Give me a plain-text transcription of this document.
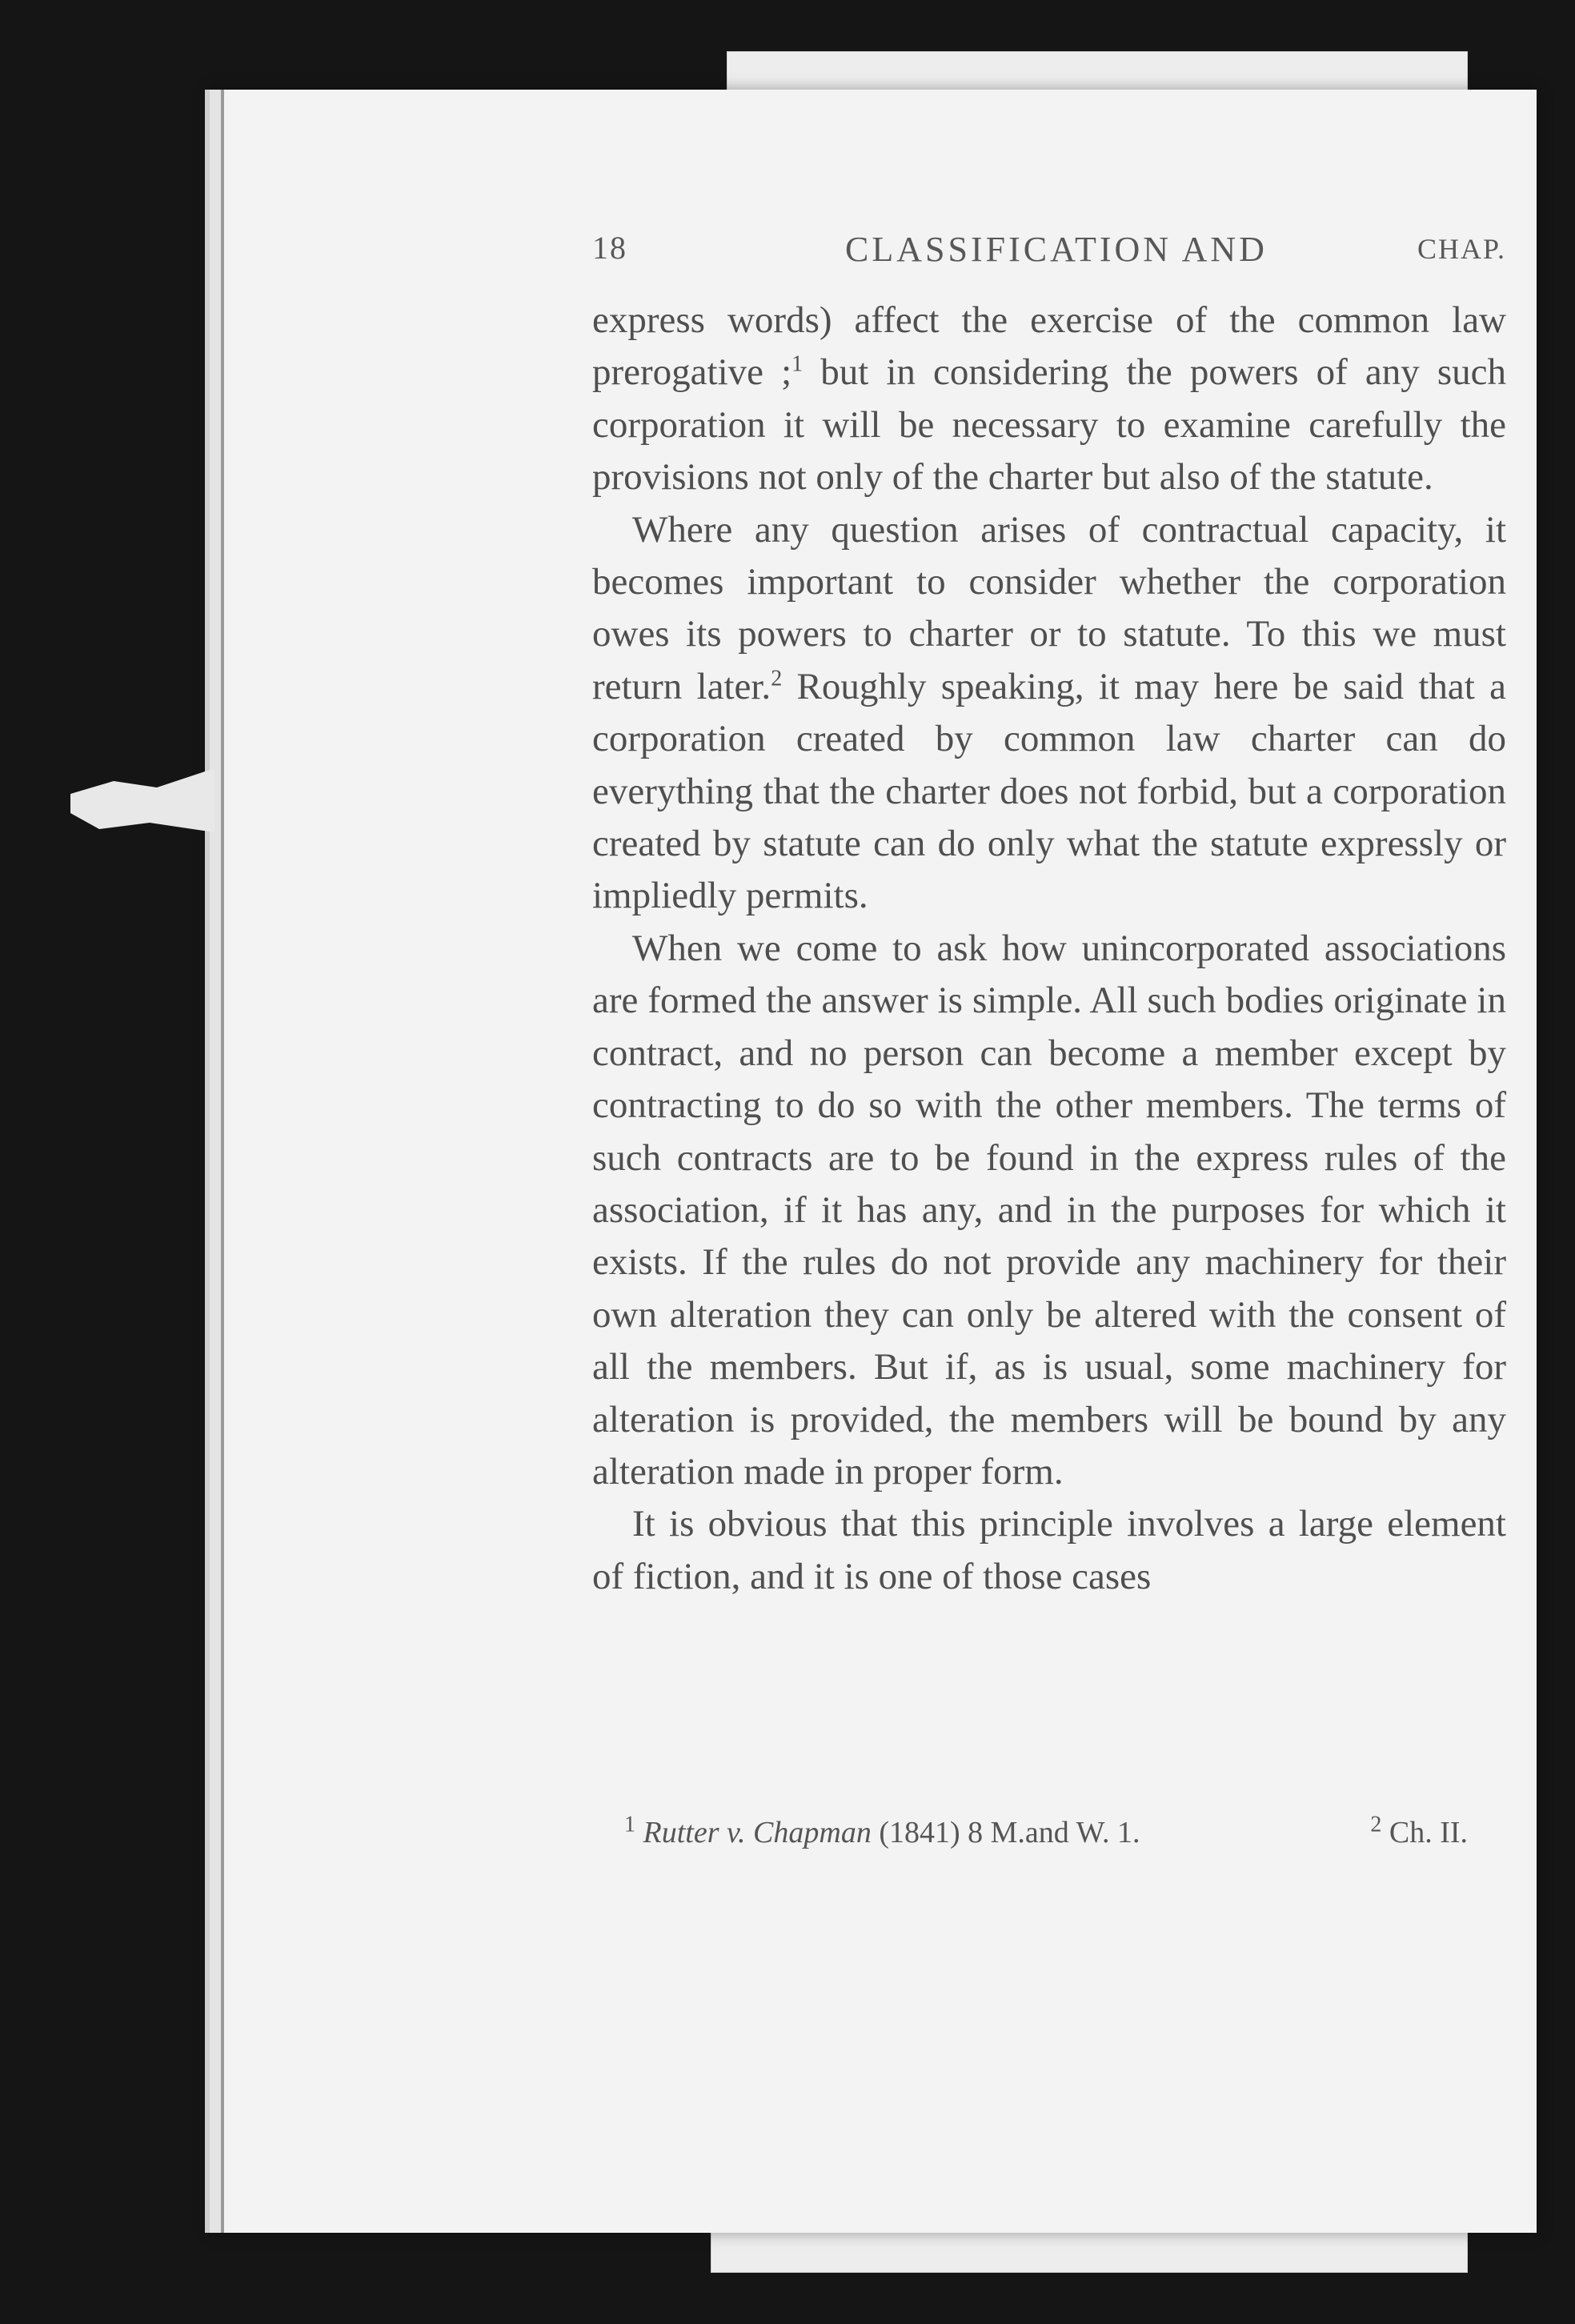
18	CLASSIFICATION AND	CHAP.

express words) affect the exercise of the common law prerogative ;$^1$ but in considering the powers of any such corporation it will be necessary to examine carefully the provisions not only of the charter but also of the statute.

Where any question arises of contractual capacity, it becomes important to consider whether the corporation owes its powers to charter or to statute. To this we must return later.$^2$ Roughly speaking, it may here be said that a corporation created by common law charter can do everything that the charter does not forbid, but a corporation created by statute can do only what the statute expressly or impliedly permits.

When we come to ask how unincorporated associations are formed the answer is simple. All such bodies originate in contract, and no person can become a member except by contracting to do so with the other members. The terms of such contracts are to be found in the express rules of the association, if it has any, and in the purposes for which it exists. If the rules do not provide any machinery for their own alteration they can only be altered with the consent of all the members. But if, as is usual, some machinery for alteration is provided, the members will be bound by any alteration made in proper form.

It is obvious that this principle involves a large element of fiction, and it is one of those cases

$^1$ Rutter v. Chapman (1841) 8 M.and W. 1.	$^2$ Ch. II.
